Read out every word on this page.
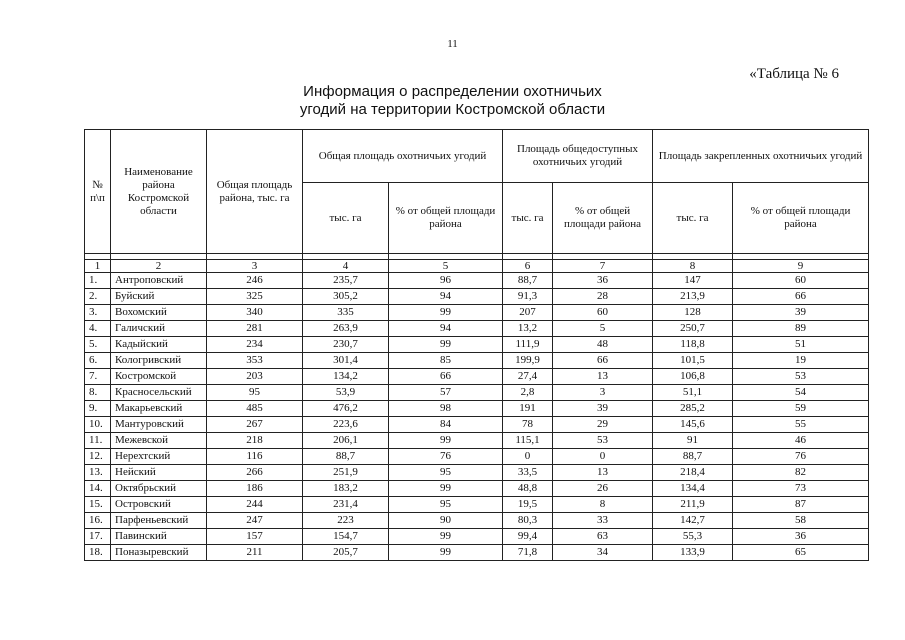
11
«Таблица № 6
Информация о распределении охотничьих
угодий на территории Костромской области
№ п\п	Наименование района Костромской области	Общая площадь района, тыс. га	Общая площадь охотничьих угодий		Площадь общедоступных охотничьих угодий		Площадь закрепленных охотничьих угодий	
			тыс. га	% от общей площади района	тыс. га	% от общей площади района	тыс. га	% от общей площади района

1	2	3	4	5	6	7	8	9
1.	Антроповский	246	235,7	96	88,7	36	147	60
2.	Буйский	325	305,2	94	91,3	28	213,9	66
3.	Вохомский	340	335	99	207	60	128	39
4.	Галичский	281	263,9	94	13,2	5	250,7	89
5.	Кадыйский	234	230,7	99	111,9	48	118,8	51
6.	Кологривский	353	301,4	85	199,9	66	101,5	19
7.	Костромской	203	134,2	66	27,4	13	106,8	53
8.	Красносельский	95	53,9	57	2,8	3	51,1	54
9.	Макарьевский	485	476,2	98	191	39	285,2	59
10.	Мантуровский	267	223,6	84	78	29	145,6	55
11.	Межевской	218	206,1	99	115,1	53	91	46
12.	Нерехтский	116	88,7	76	0	0	88,7	76
13.	Нейский	266	251,9	95	33,5	13	218,4	82
14.	Октябрьский	186	183,2	99	48,8	26	134,4	73
15.	Островский	244	231,4	95	19,5	8	211,9	87
16.	Парфеньевский	247	223	90	80,3	33	142,7	58
17.	Павинский	157	154,7	99	99,4	63	55,3	36
18.	Поназыревский	211	205,7	99	71,8	34	133,9	65
